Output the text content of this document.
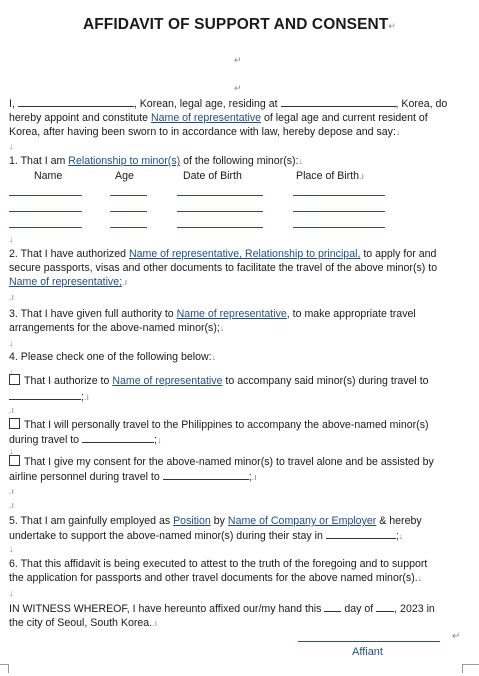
AFFIDAVIT OF SUPPORT AND CONSENT↵
↵
↵
I,	, Korean, legal age, residing at	, Korea, do
hereby appoint and constitute Name of representative of legal age and current resident of
Korea, after having been sworn to in accordance with law, hereby depose and say:↓
↓
1. That I am Relationship to minor(s) of the following minor(s):↓
Name	Age	Date of Birth	Place of Birth.ı
↓
2. That I have authorized Name of representative, Relationship to principal, to apply for and
secure passports, visas and other documents to facilitate the travel of the above minor(s) to
Name of representative;.ı
.ı
3. That I have given full authority to Name of representative, to make appropriate travel
arrangements for the above-named minor(s);↓
↓
4. Please check one of the following below:↓
↓
That I authorize to Name of representative to accompany said minor(s) during travel to
;.ı
.ı
That I will personally travel to the Philippines to accompany the above-named minor(s)
during travel to	;↓
↓
That I give my consent for the above-named minor(s) to travel alone and be assisted by
airline personnel during travel to	;.ı
.ı
.ı
5. That I am gainfully employed as Position by Name of Company or Employer & hereby
undertake to support the above-named minor(s) during their stay in	;↓
↓
6. That this affidavit is being executed to attest to the truth of the foregoing and to support
the application for passports and other travel documents for the above named minor(s).↓
↓
IN WITNESS WHEREOF, I have hereunto affixed our/my hand this day of , 2023 in
the city of Seoul, South Korea..ı
↵
Affiant
